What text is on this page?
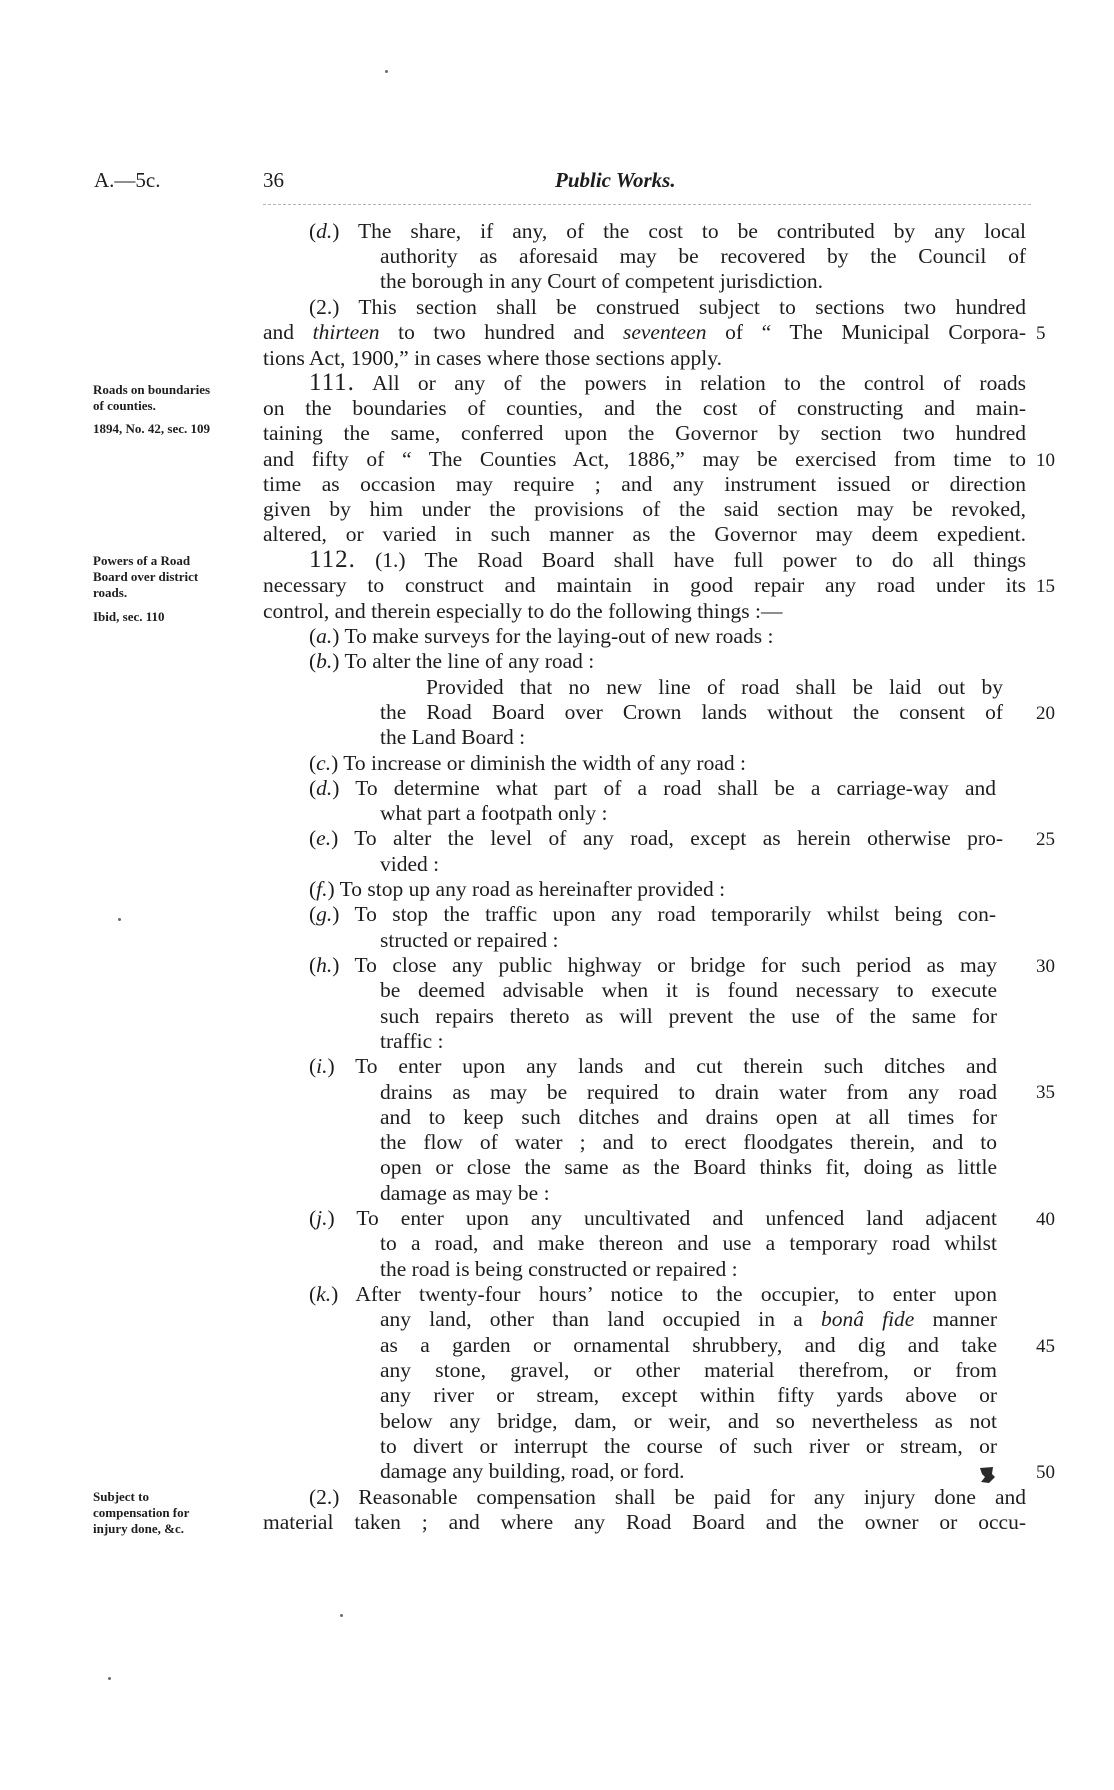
A.—5c.	36	Public Works.
Roads on boundaries
of counties.
1894, No. 42, sec. 109
Powers of a Road
Board over district
roads.
Ibid, sec. 110
Subject to
compensation for
injury done, &c.
(d.) The share, if any, of the cost to be contributed by any local
authority as aforesaid may be recovered by the Council of
the borough in any Court of competent jurisdiction.
(2.) This section shall be construed subject to sections two hundred
and thirteen to two hundred and seventeen of “ The Municipal Corpora-
tions Act, 1900,” in cases where those sections apply.
111. All or any of the powers in relation to the control of roads
on the boundaries of counties, and the cost of constructing and main-
taining the same, conferred upon the Governor by section two hundred
and fifty of “ The Counties Act, 1886,” may be exercised from time to
time as occasion may require ; and any instrument issued or direction
given by him under the provisions of the said section may be revoked,
altered, or varied in such manner as the Governor may deem expedient.
112. (1.) The Road Board shall have full power to do all things
necessary to construct and maintain in good repair any road under its
control, and therein especially to do the following things :—
(a.) To make surveys for the laying-out of new roads :
(b.) To alter the line of any road :
Provided that no new line of road shall be laid out by
the Road Board over Crown lands without the consent of
the Land Board :
(c.) To increase or diminish the width of any road :
(d.) To determine what part of a road shall be a carriage-way and
what part a footpath only :
(e.) To alter the level of any road, except as herein otherwise pro-
vided :
(f.) To stop up any road as hereinafter provided :
(g.) To stop the traffic upon any road temporarily whilst being con-
structed or repaired :
(h.) To close any public highway or bridge for such period as may
be deemed advisable when it is found necessary to execute
such repairs thereto as will prevent the use of the same for
traffic :
(i.) To enter upon any lands and cut therein such ditches and
drains as may be required to drain water from any road
and to keep such ditches and drains open at all times for
the flow of water ; and to erect floodgates therein, and to
open or close the same as the Board thinks fit, doing as little
damage as may be :
(j.) To enter upon any uncultivated and unfenced land adjacent
to a road, and make thereon and use a temporary road whilst
the road is being constructed or repaired :
(k.) After twenty-four hours’ notice to the occupier, to enter upon
any land, other than land occupied in a bonâ fide manner
as a garden or ornamental shrubbery, and dig and take
any stone, gravel, or other material therefrom, or from
any river or stream, except within fifty yards above or
below any bridge, dam, or weir, and so nevertheless as not
to divert or interrupt the course of such river or stream, or
damage any building, road, or ford.
(2.) Reasonable compensation shall be paid for any injury done and
material taken ; and where any Road Board and the owner or occu-
5
10
15
20
25
30
35
40
45
50
